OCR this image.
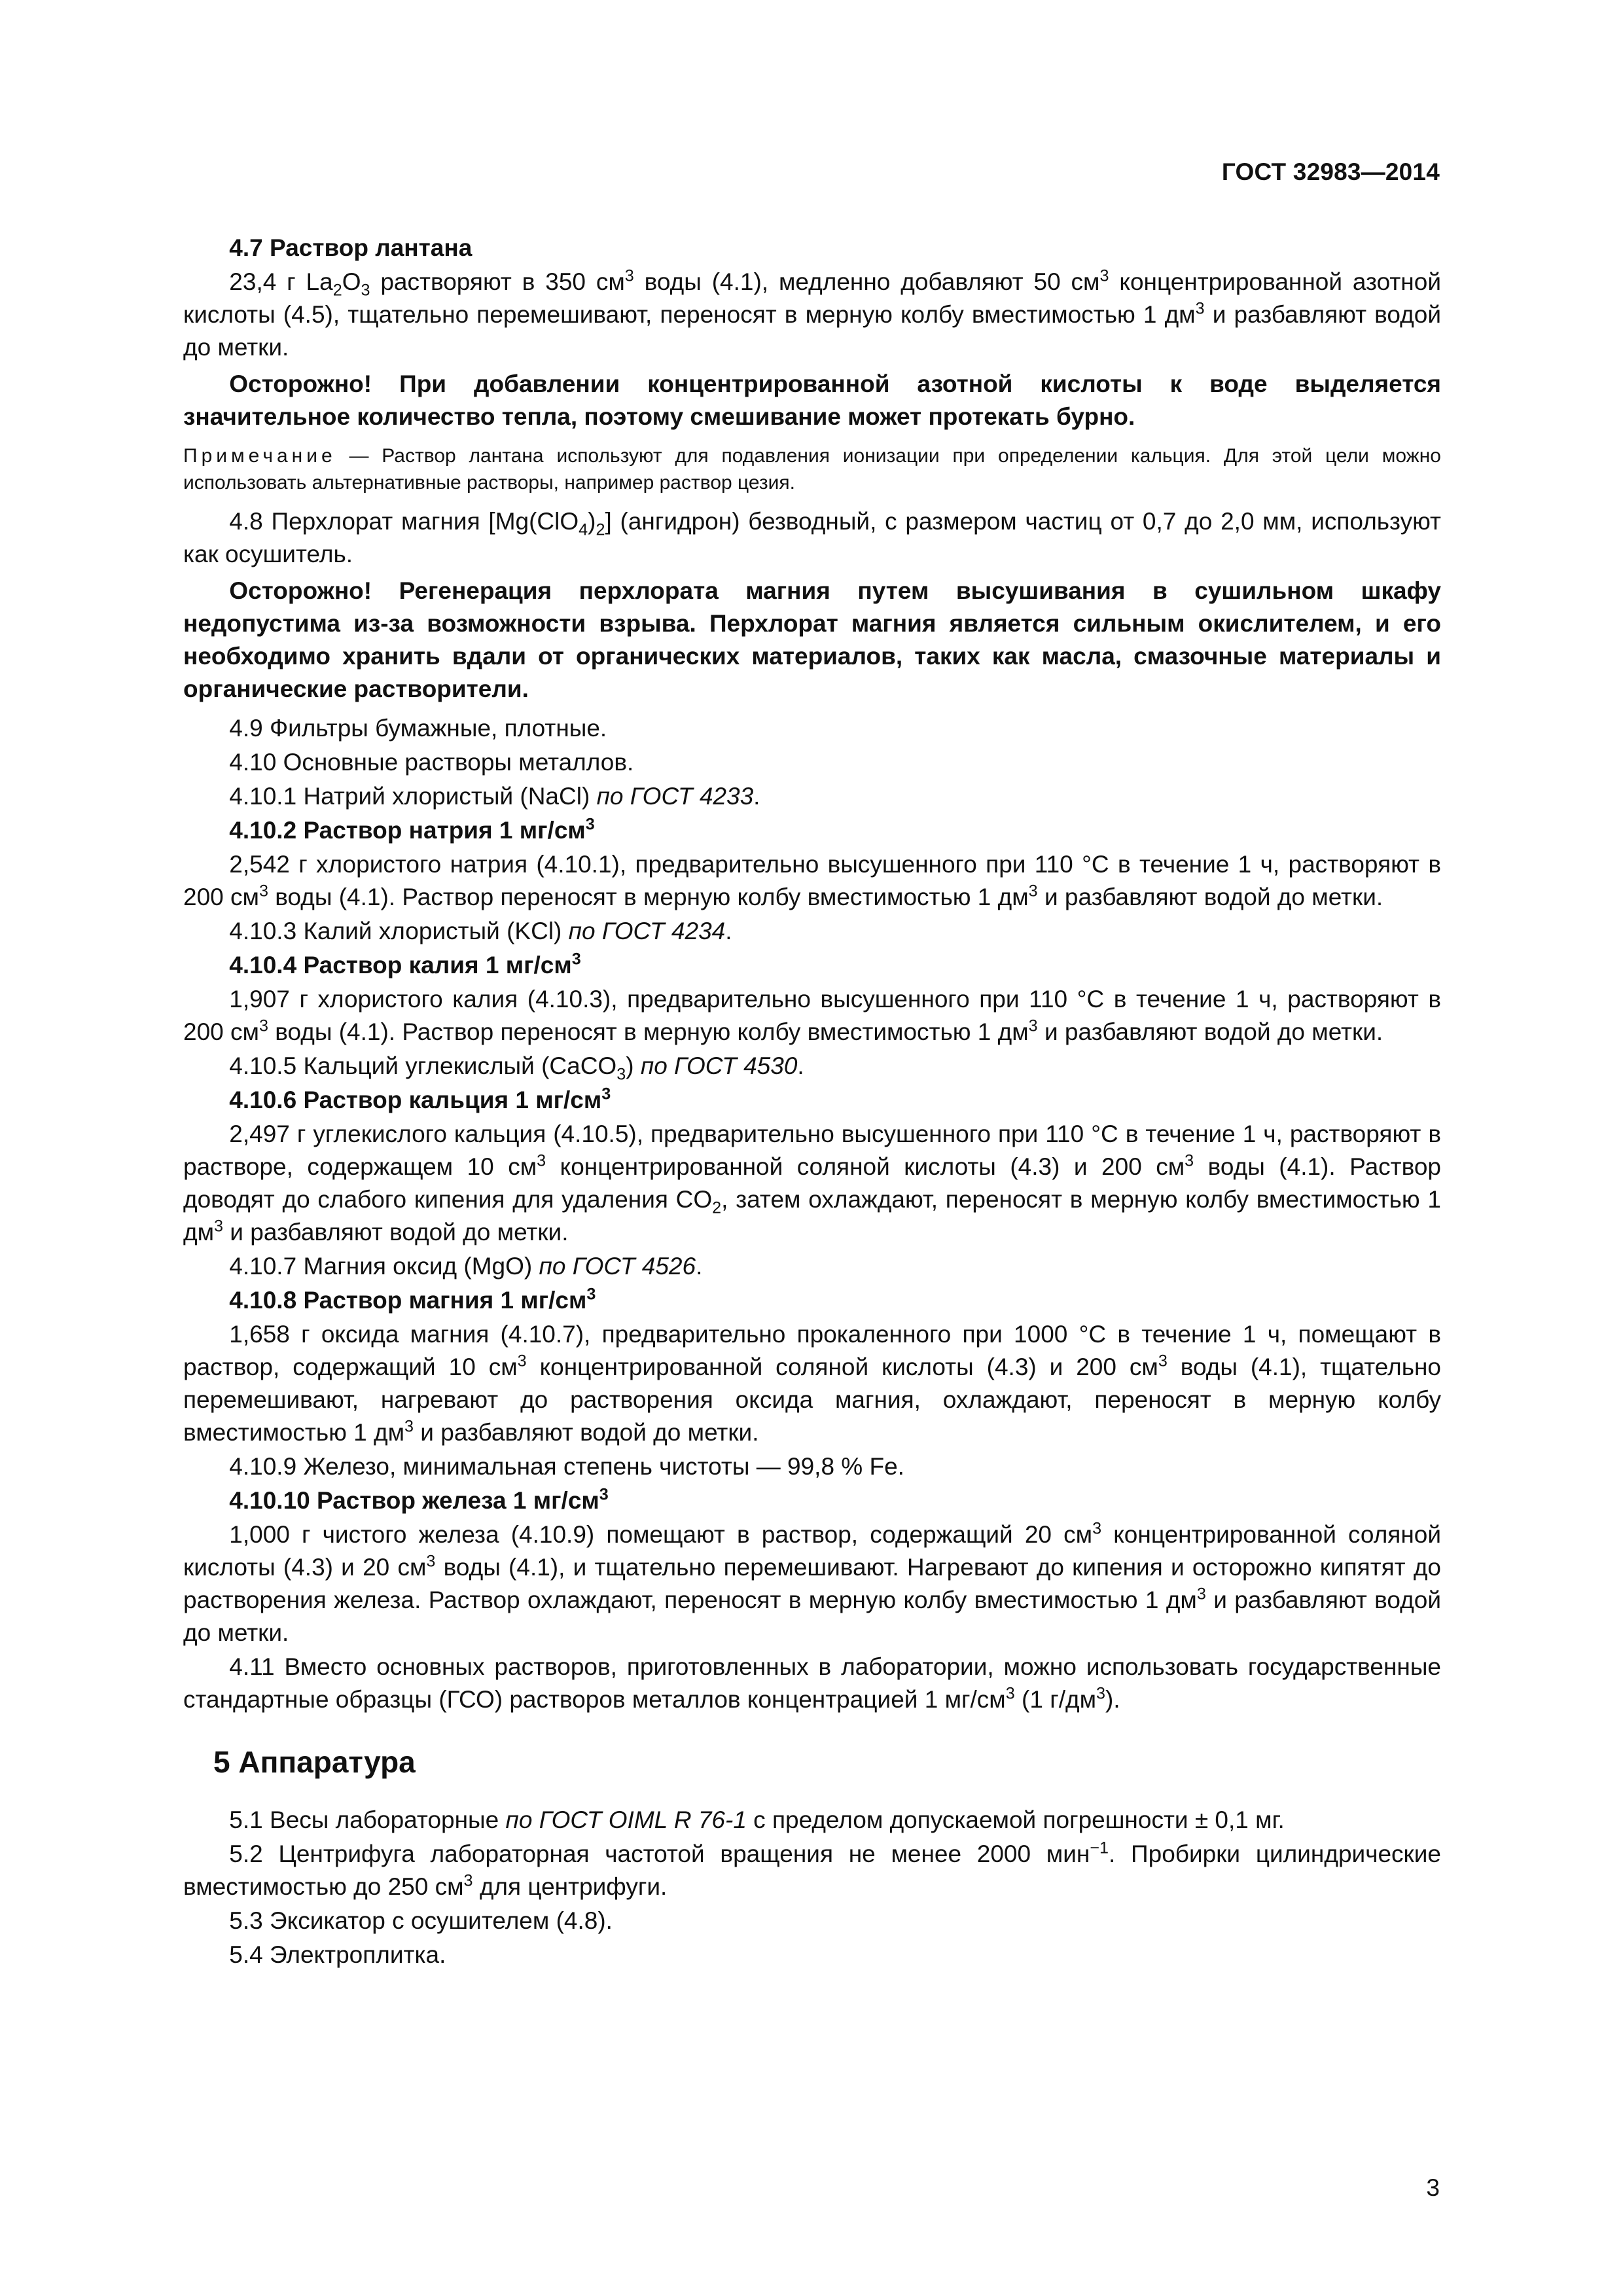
ГОСТ 32983—2014
4.7 Раствор лантана

23,4 г $La_2O_3$ растворяют в 350 $см^3$ воды (4.1), медленно добавляют 50 $см^3$ концентрированной азотной кислоты (4.5), тщательно перемешивают, переносят в мерную колбу вместимостью 1 $дм^3$ и разбавляют водой до метки.

Осторожно! При добавлении концентрированной азотной кислоты к воде выделяется значительное количество тепла, поэтому смешивание может протекать бурно.

Примечание — Раствор лантана используют для подавления ионизации при определении кальция. Для этой цели можно использовать альтернативные растворы, например раствор цезия.

4.8 Перхлорат магния $[Mg(ClO_4)_2]$ (ангидрон) безводный, с размером частиц от 0,7 до 2,0 мм, используют как осушитель.

Осторожно! Регенерация перхлората магния путем высушивания в сушильном шкафу недопустима из-за возможности взрыва. Перхлорат магния является сильным окислителем, и его необходимо хранить вдали от органических материалов, таких как масла, смазочные материалы и органические растворители.

4.9 Фильтры бумажные, плотные.

4.10 Основные растворы металлов.

4.10.1 Натрий хлористый (NaCl) по ГОСТ 4233.

4.10.2 Раствор натрия 1 $мг/см^3$

2,542 г хлористого натрия (4.10.1), предварительно высушенного при 110 °С в течение 1 ч, растворяют в 200 $см^3$ воды (4.1). Раствор переносят в мерную колбу вместимостью 1 $дм^3$ и разбавляют водой до метки.

4.10.3 Калий хлористый (KCl) по ГОСТ 4234.

4.10.4 Раствор калия 1 $мг/см^3$

1,907 г хлористого калия (4.10.3), предварительно высушенного при 110 °С в течение 1 ч, растворяют в 200 $см^3$ воды (4.1). Раствор переносят в мерную колбу вместимостью 1 $дм^3$ и разбавляют водой до метки.

4.10.5 Кальций углекислый (CaCO$_3$) по ГОСТ 4530.

4.10.6 Раствор кальция 1 $мг/см^3$

2,497 г углекислого кальция (4.10.5), предварительно высушенного при 110 °С в течение 1 ч, растворяют в растворе, содержащем 10 $см^3$ концентрированной соляной кислоты (4.3) и 200 $см^3$ воды (4.1). Раствор доводят до слабого кипения для удаления $CO_2$, затем охлаждают, переносят в мерную колбу вместимостью 1 $дм^3$ и разбавляют водой до метки.

4.10.7 Магния оксид (MgO) по ГОСТ 4526.

4.10.8 Раствор магния 1 $мг/см^3$

1,658 г оксида магния (4.10.7), предварительно прокаленного при 1000 °С в течение 1 ч, помещают в раствор, содержащий 10 $см^3$ концентрированной соляной кислоты (4.3) и 200 $см^3$ воды (4.1), тщательно перемешивают, нагревают до растворения оксида магния, охлаждают, переносят в мерную колбу вместимостью 1 $дм^3$ и разбавляют водой до метки.

4.10.9 Железо, минимальная степень чистоты — 99,8 % Fe.

4.10.10 Раствор железа 1 $мг/см^3$

1,000 г чистого железа (4.10.9) помещают в раствор, содержащий 20 $см^3$ концентрированной соляной кислоты (4.3) и 20 $см^3$ воды (4.1), и тщательно перемешивают. Нагревают до кипения и осторожно кипятят до растворения железа. Раствор охлаждают, переносят в мерную колбу вместимостью 1 $дм^3$ и разбавляют водой до метки.

4.11 Вместо основных растворов, приготовленных в лаборатории, можно использовать государственные стандартные образцы (ГСО) растворов металлов концентрацией 1 $мг/см^3$ (1 $г/дм^3$).

5 Аппаратура

5.1 Весы лабораторные по ГОСТ OIML R 76-1 с пределом допускаемой погрешности ± 0,1 мг.

5.2 Центрифуга лабораторная частотой вращения не менее 2000 мин$^{-1}$. Пробирки цилиндрические вместимостью до 250 $см^3$ для центрифуги.

5.3 Эксикатор с осушителем (4.8).

5.4 Электроплитка.

3
